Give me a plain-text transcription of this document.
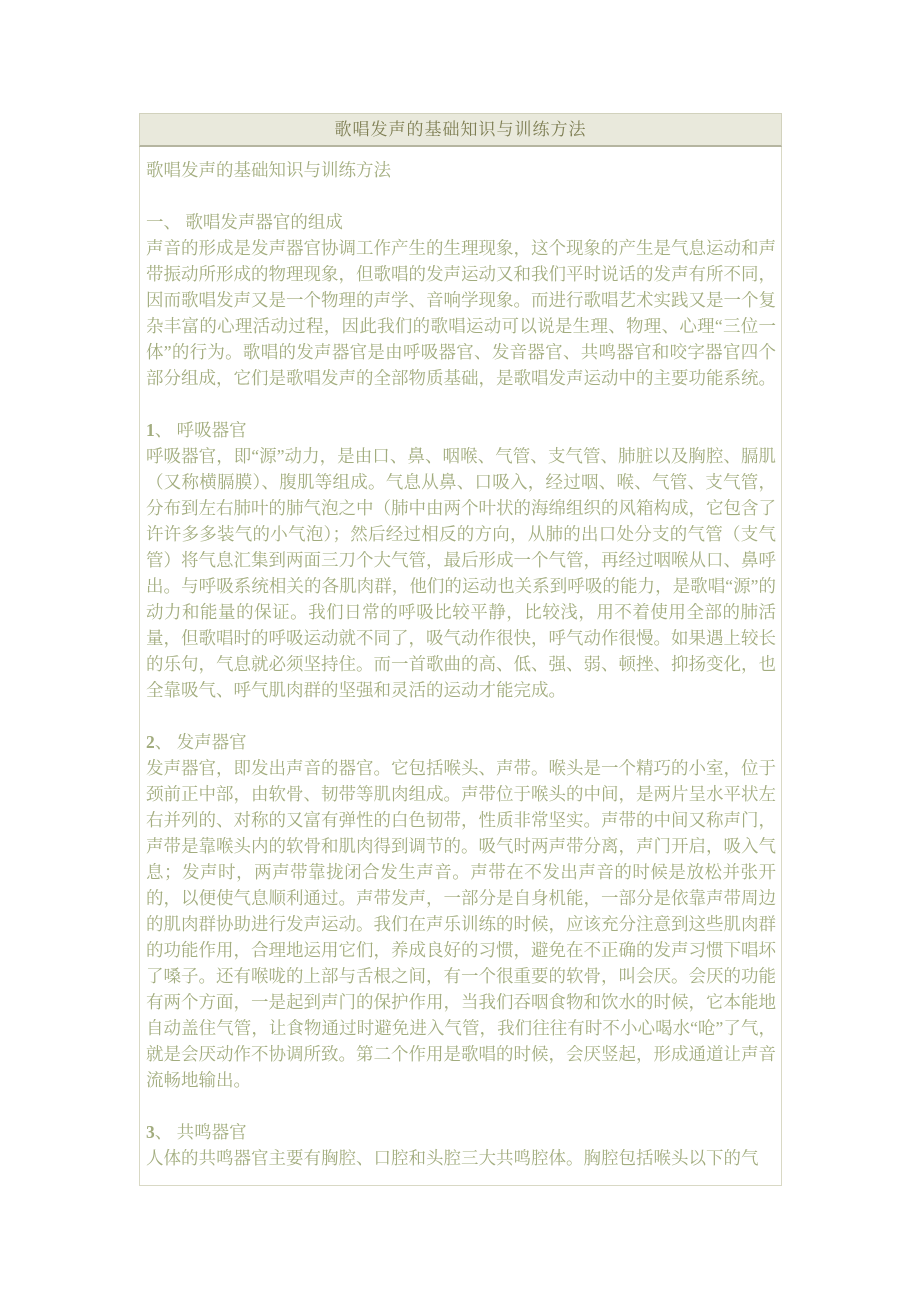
歌唱发声的基础知识与训练方法

歌唱发声的基础知识与训练方法

一、 歌唱发声器官的组成

声音的形成是发声器官协调工作产生的生理现象，这个现象的产生是气息运动和声带振动所形成的物理现象，但歌唱的发声运动又和我们平时说话的发声有所不同，因而歌唱发声又是一个物理的声学、音响学现象。而进行歌唱艺术实践又是一个复杂丰富的心理活动过程，因此我们的歌唱运动可以说是生理、物理、心理“三位一体”的行为。歌唱的发声器官是由呼吸器官、发音器官、共鸣器官和咬字器官四个部分组成，它们是歌唱发声的全部物质基础，是歌唱发声运动中的主要功能系统。

1、 呼吸器官

呼吸器官，即“源”动力，是由口、鼻、咽喉、气管、支气管、肺脏以及胸腔、膈肌（又称横膈膜）、腹肌等组成。气息从鼻、口吸入，经过咽、喉、气管、支气管，分布到左右肺叶的肺气泡之中（肺中由两个叶状的海绵组织的风箱构成，它包含了许许多多装气的小气泡）；然后经过相反的方向，从肺的出口处分支的气管（支气管）将气息汇集到两面三刀个大气管，最后形成一个气管，再经过咽喉从口、鼻呼出。与呼吸系统相关的各肌肉群，他们的运动也关系到呼吸的能力，是歌唱“源”的动力和能量的保证。我们日常的呼吸比较平静，比较浅，用不着使用全部的肺活量，但歌唱时的呼吸运动就不同了，吸气动作很快，呼气动作很慢。如果遇上较长的乐句，气息就必须坚持住。而一首歌曲的高、低、强、弱、顿挫、抑扬变化，也全靠吸气、呼气肌肉群的坚强和灵活的运动才能完成。

2、 发声器官

发声器官，即发出声音的器官。它包括喉头、声带。喉头是一个精巧的小室，位于颈前正中部，由软骨、韧带等肌肉组成。声带位于喉头的中间，是两片呈水平状左右并列的、对称的又富有弹性的白色韧带，性质非常坚实。声带的中间又称声门，声带是靠喉头内的软骨和肌肉得到调节的。吸气时两声带分离，声门开启，吸入气息；发声时，两声带靠拢闭合发生声音。声带在不发出声音的时候是放松并张开的，以便使气息顺利通过。声带发声，一部分是自身机能，一部分是依靠声带周边的肌肉群协助进行发声运动。我们在声乐训练的时候，应该充分注意到这些肌肉群的功能作用，合理地运用它们，养成良好的习惯，避免在不正确的发声习惯下唱坏了嗓子。还有喉咙的上部与舌根之间，有一个很重要的软骨，叫会厌。会厌的功能有两个方面，一是起到声门的保护作用，当我们吞咽食物和饮水的时候，它本能地自动盖住气管，让食物通过时避免进入气管，我们往往有时不小心喝水“呛”了气，就是会厌动作不协调所致。第二个作用是歌唱的时候，会厌竖起，形成通道让声音流畅地输出。

3、 共鸣器官

人体的共鸣器官主要有胸腔、口腔和头腔三大共鸣腔体。胸腔包括喉头以下的气
